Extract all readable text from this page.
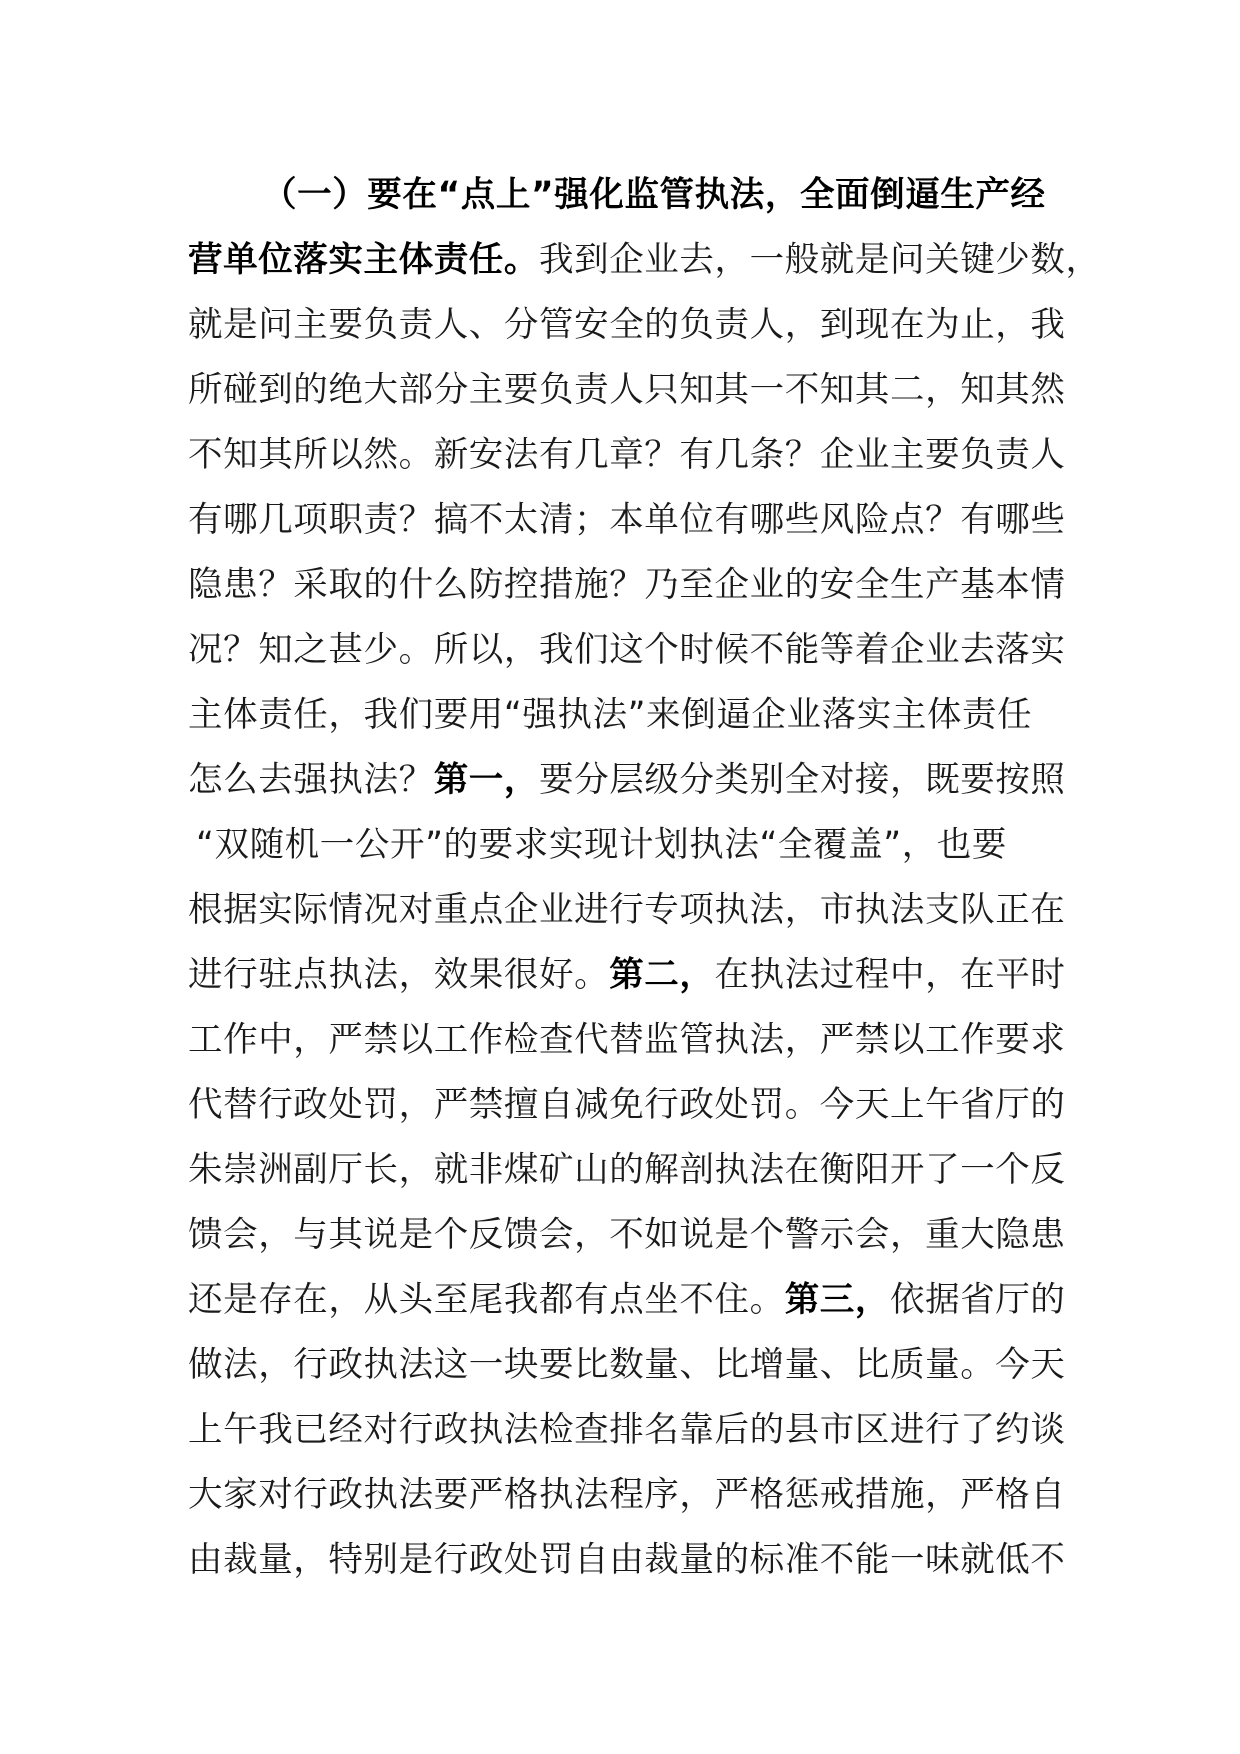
（一）要在“点上”强化监管执法，全面倒逼生产经
营单位落实主体责任。我到企业去，一般就是问关键少数，
就是问主要负责人、分管安全的负责人，到现在为止，我
所碰到的绝大部分主要负责人只知其一不知其二，知其然
不知其所以然。新安法有几章？有几条？企业主要负责人
有哪几项职责？搞不太清；本单位有哪些风险点？有哪些
隐患？采取的什么防控措施？乃至企业的安全生产基本情
况？知之甚少。所以，我们这个时候不能等着企业去落实
主体责任，我们要用“强执法”来倒逼企业落实主体责任
怎么去强执法？第一，要分层级分类别全对接，既要按照
“双随机一公开”的要求实现计划执法“全覆盖”，也要
根据实际情况对重点企业进行专项执法，市执法支队正在
进行驻点执法，效果很好。第二，在执法过程中，在平时
工作中，严禁以工作检查代替监管执法，严禁以工作要求
代替行政处罚，严禁擅自减免行政处罚。今天上午省厅的
朱崇洲副厅长，就非煤矿山的解剖执法在衡阳开了一个反
馈会，与其说是个反馈会，不如说是个警示会，重大隐患
还是存在，从头至尾我都有点坐不住。第三，依据省厅的
做法，行政执法这一块要比数量、比增量、比质量。今天
上午我已经对行政执法检查排名靠后的县市区进行了约谈
大家对行政执法要严格执法程序，严格惩戒措施，严格自
由裁量，特别是行政处罚自由裁量的标准不能一味就低不
